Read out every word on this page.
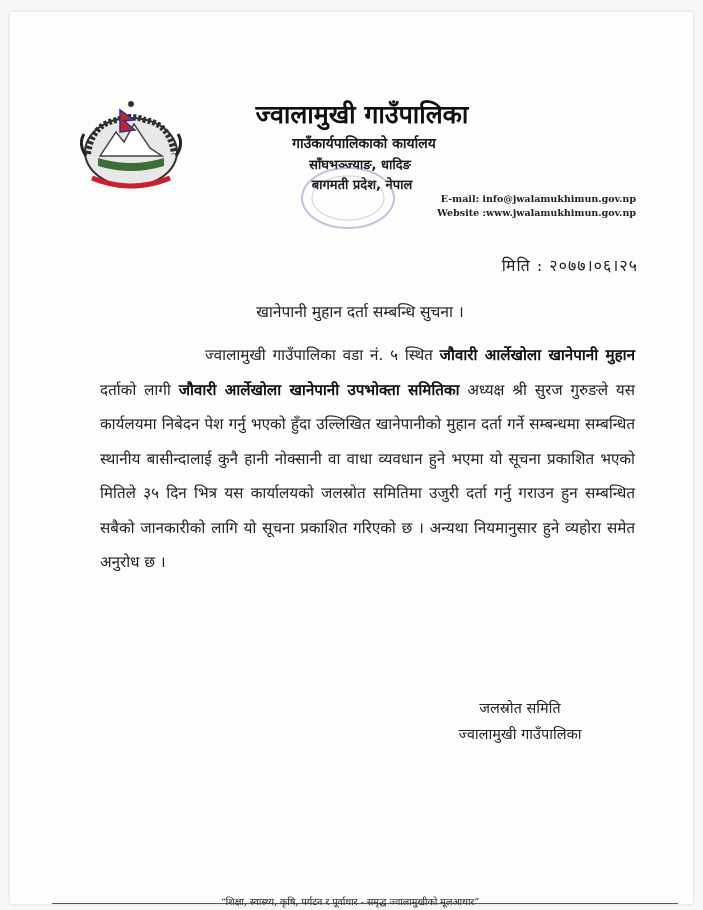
ज्वालामुखी गाउँपालिका
गाउँकार्यपालिकाको कार्यालय
साँघभञ्ज्याङ, धादिङ
बागमती प्रदेश, नेपाल
E-mail: info@jwalamukhimun.gov.np
Website :www.jwalamukhimun.gov.np
मिति : २०७७।०६।२५
खानेपानी मुहान दर्ता सम्बन्धि सुचना ।

ज्वालामुखी गाउँपालिका वडा नं. ५ स्थित जौवारी आर्लेखोला खानेपानी मुहान दर्ताको लागी जौवारी आर्लेखोला खानेपानी उपभोक्ता समितिका अध्यक्ष श्री सुरज गुरुङले यस कार्यलयमा निबेदन पेश गर्नु भएको हुँदा उल्लिखित खानेपानीको मुहान दर्ता गर्ने सम्बन्धमा सम्बन्धित स्थानीय बासीन्दालाई कुनै हानी नोक्सानी वा वाधा व्यवधान हुने भएमा यो सूचना प्रकाशित भएको मितिले ३५ दिन भित्र यस कार्यालयको जलस्रोत समितिमा उजुरी दर्ता गर्नु गराउन हुन सम्बन्धित सबैको जानकारीको लागि यो सूचना प्रकाशित गरिएको छ । अन्यथा नियमानुसार हुने व्यहोरा समेत अनुरोध छ ।

जलस्रोत समिति
ज्वालामुखी गाउँपालिका
“शिक्षा, स्वास्थ्य, कृषि, पर्यटन र पूर्वाधार - समृद्ध ज्वालामुखीको मूलआधार”
